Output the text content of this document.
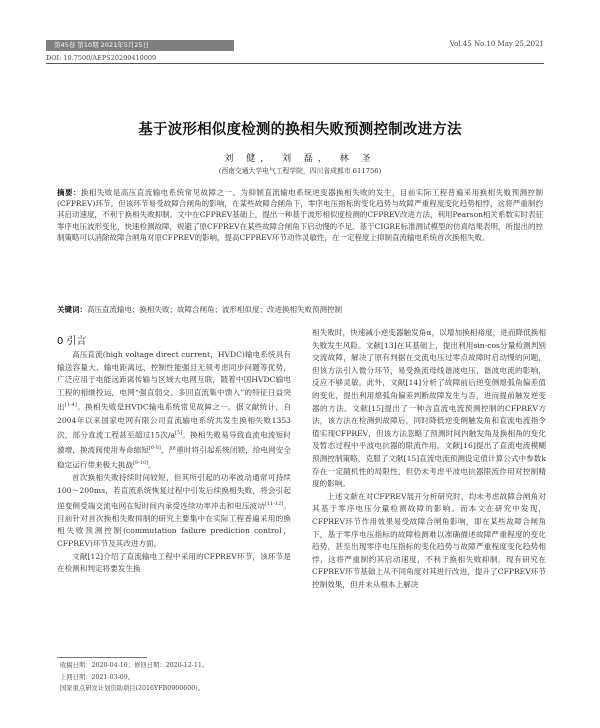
第45卷 第10期 2021年5月25日	Vol.45 No.10 May 25,2021
DOI: 10.7500/AEPS20200410009
基于波形相似度检测的换相失败预测控制改进方法
刘 健， 刘 磊， 林 圣
(西南交通大学电气工程学院，四川省成都市 611756)

摘要：换相失败是高压直流输电系统常见故障之一。为抑制直流输电系统逆变器换相失败的发生，目前实际工程普遍采用换相失败预测控制(CFPREV)环节。但该环节易受故障合闸角的影响，在某些故障合闸角下，零序电压指标的变化趋势与故障严重程度变化趋势相悖，这将严重制约其启动速度，不利于换相失败抑制。文中在CFPREV基础上，提出一种基于波形相似度检测的CFPREV改进方法，利用Pearson相关系数实时表征零序电压波形变化，快速检测故障，规避了原CFPREV在某些故障合闸角下启动慢的不足。基于CIGRE标准测试模型的仿真结果表明，所提出的控制策略可以消除故障合闸角对原CFPREV的影响，提高CFPREV环节动作灵敏性，在一定程度上抑制直流输电系统首次换相失败。

关键词：高压直流输电；换相失败；故障合闸角；波形相似度；改进换相失败预测控制
0 引言

高压直流(high voltage direct current，HVDC)输电系统具有输送容量大、输电距离远、控制性能强且无须考虑同步问题等优势，广泛应用于电能远距离传输与区域大电网互联，随着中国HVDC输电工程的相继投运，电网“强直弱交、多回直流集中馈入”的特征日益突出[1-4]。换相失败是HVDC输电系统常见故障之一。据文献统计，自2004年以来国家电网有限公司直流输电系统共发生换相失败1353次，部分直流工程甚至超过15次/a[5]。换相失败易导致直流电流短时激增，换流阀使用寿命缩短[6-8]，严重时将引起系统闭锁，给电网安全稳定运行带来极大挑战[9-10]。

首次换相失败持续时间较短，但其所引起的功率波动通常可持续100～200ms，若直流系统恢复过程中引发后续换相失败，将会引起逆变侧受端交流电网在短时间内承受连续功率冲击和电压波动[11-12]。目前针对首次换相失败抑制的研究主要集中在实际工程普遍采用的换相失败预测控制(commutation failure prediction control，CFPREV)环节及其改进方面。

文献[12]介绍了直流输电工程中采用的CFPREV环节，该环节是在检测和判定将要发生换

相失败时，快速减小逆变器触发角α，以增加换相裕度，进而降低换相失败发生风险。文献[13]在其基础上，提出利用sin-cos分量检测判别交流故障，解决了原有判据在交流电压过零点故障时启动慢的问题，但该方法引入微分环节，易受换流母线谐波电压、谐波电流的影响，反应不够灵敏。此外，文献[14]分析了故障前后逆变侧熄弧角偏差值的变化，提出利用熄弧角偏差判断故障发生与否，进而提前触发逆变器的方法。文献[15]提出了一种含直流电流预测控制的CFPREV方法，该方法在检测到故障后，同时降低逆变侧触发角和直流电流指令值实现CFPREV，但该方法忽略了预测时间内触发角及换相角的变化及暂态过程中平波电抗器的限流作用。文献[16]提出了直流电流模糊预测控制策略，克服了文献[15]直流电流预测设定值计算公式中参数k存在一定随机性的局限性，但仍未考虑平波电抗器限流作用对控制精度的影响。

上述文献在对CFPREV展开分析研究时，均未考虑故障合闸角对其基于零序电压分量检测故障的影响。而本文在研究中发现，CFPREV环节作用效果易受故障合闸角影响，即在某些故障合闸角下，基于零序电压指标的故障检测难以准确描述故障严重程度的变化趋势，甚至出现零序电压指标的变化趋势与故障严重程度变化趋势相悖，这将严重制约其启动速度，不利于换相失败抑制。现有研究在CFPREV环节基础上从不同角度对其进行改进，提升了CFPREV环节控制效果，但并未从根本上解决

收稿日期：2020-04-10；修回日期：2020-12-11。
上网日期：2021-03-09。
国家重点研发计划资助项目(2016YFB0900600)。
